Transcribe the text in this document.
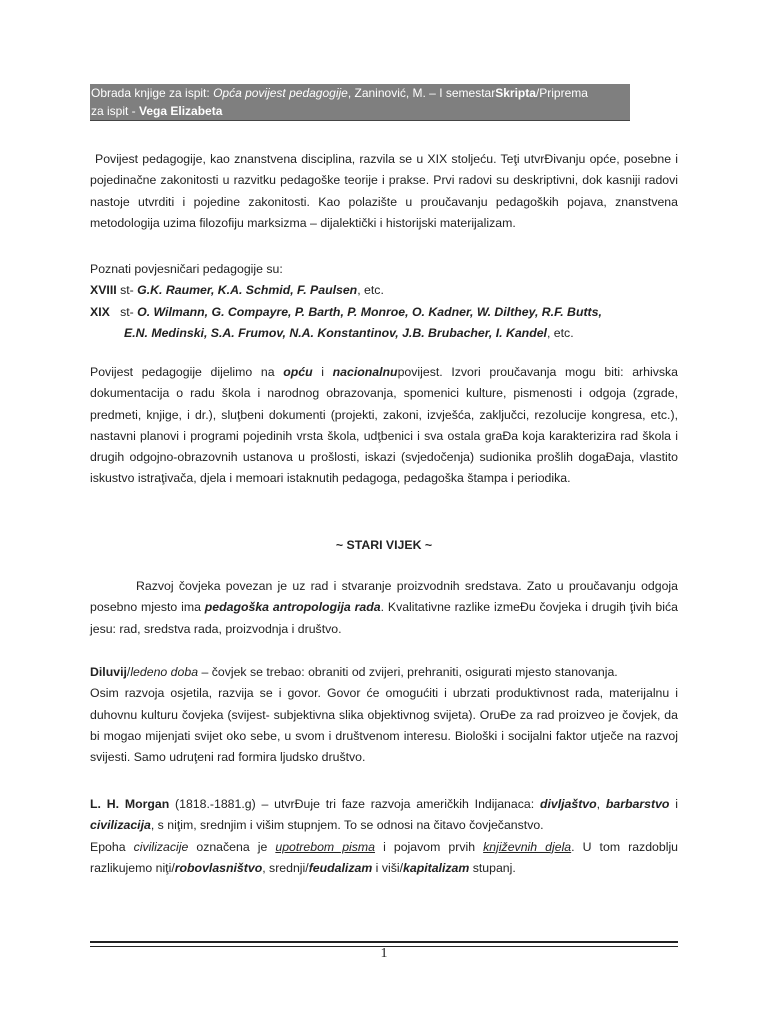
Obrada knjige za ispit: Opća povijest pedagogije, Zaninović, M. – I semestarSkripta/Priprema
za ispit - Vega Elizabeta
Povijest pedagogije, kao znanstvena disciplina, razvila se u XIX stoljeću. Teţi utvrĐivanju opće, posebne i pojedinačne zakonitosti u razvitku pedagoške teorije i prakse. Prvi radovi su deskriptivni, dok kasniji radovi nastoje utvrditi i pojedine zakonitosti. Kao polazište u proučavanju pedagoških pojava, znanstvena metodologija uzima filozofiju marksizma – dijalektički i historijski materijalizam.
Poznati povjesničari pedagogije su:
XVIII st- G.K. Raumer, K.A. Schmid, F. Paulsen, etc.
XIX   st- O. Wilmann, G. Compayre, P. Barth, P. Monroe, O. Kadner, W. Dilthey, R.F. Butts,
E.N. Medinski, S.A. Frumov, N.A. Konstantinov, J.B. Brubacher, I. Kandel, etc.
Povijest pedagogije dijelimo na opću i nacionalnupovijest. Izvori proučavanja mogu biti: arhivska dokumentacija o radu škola i narodnog obrazovanja, spomenici kulture, pismenosti i odgoja (zgrade, predmeti, knjige, i dr.), sluţbeni dokumenti (projekti, zakoni, izvješća, zaključci, rezolucije kongresa, etc.), nastavni planovi i programi pojedinih vrsta škola, udţbenici i sva ostala graĐa koja karakterizira rad škola i drugih odgojno-obrazovnih ustanova u prošlosti, iskazi (svjedočenja) sudionika prošlih dogaĐaja, vlastito iskustvo istraţivača, djela i memoari istaknutih pedagoga, pedagoška štampa i periodika.
~ STARI VIJEK ~
Razvoj čovjeka povezan je uz rad i stvaranje proizvodnih sredstava. Zato u proučavanju odgoja posebno mjesto ima pedagoška antropologija rada. Kvalitativne razlike izmeĐu čovjeka i drugih ţivih bića jesu: rad, sredstva rada, proizvodnja i društvo.
Diluvij/ledeno doba – čovjek se trebao: obraniti od zvijeri, prehraniti, osigurati mjesto stanovanja.
Osim razvoja osjetila, razvija se i govor. Govor će omogućiti i ubrzati produktivnost rada, materijalnu i duhovnu kulturu čovjeka (svijest- subjektivna slika objektivnog svijeta). OruĐe za rad proizveo je čovjek, da bi mogao mijenjati svijet oko sebe, u svom i društvenom interesu. Biološki i socijalni faktor utječe na razvoj svijesti. Samo udruţeni rad formira ljudsko društvo.
L. H. Morgan (1818.-1881.g) – utvrĐuje tri faze razvoja američkih Indijanaca: divljaštvo, barbarstvo i civilizacija, s niţim, srednjim i višim stupnjem. To se odnosi na čitavo čovječanstvo.
Epoha civilizacije označena je upotrebom pisma i pojavom prvih književnih djela. U tom razdoblju razlikujemo niţi/robovlasništvo, srednji/feudalizam i viši/kapitalizam stupanj.
1
